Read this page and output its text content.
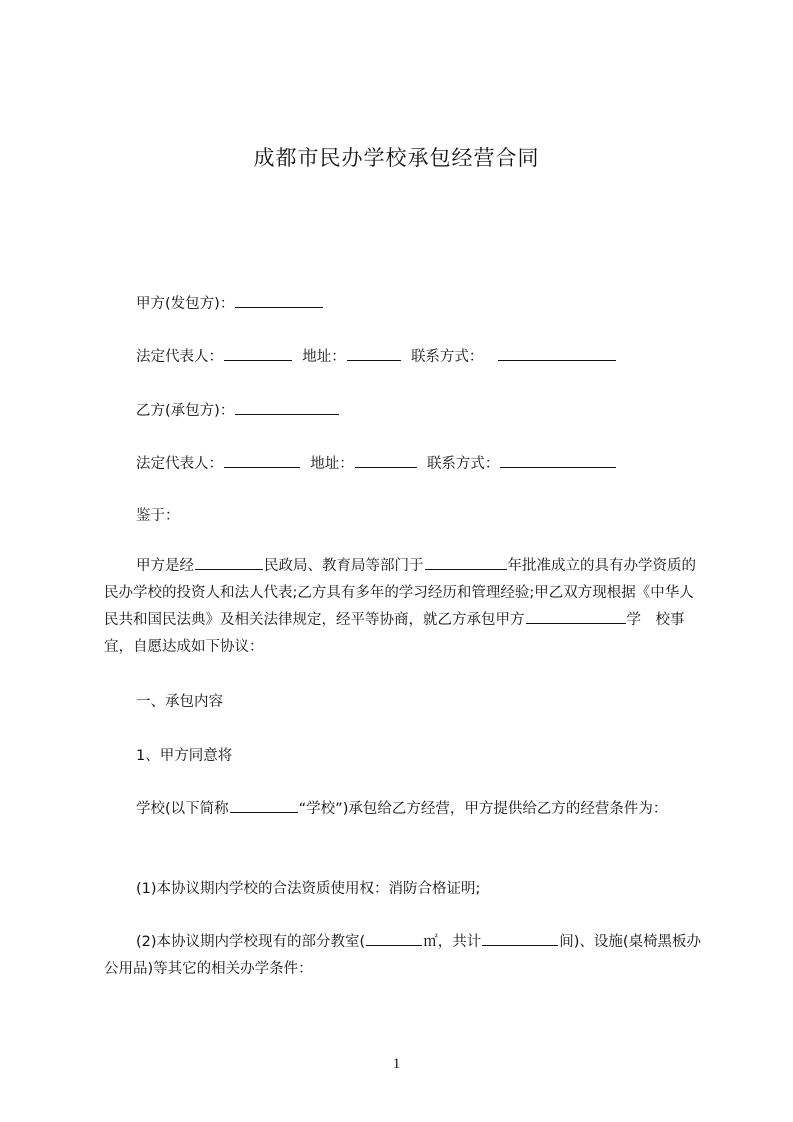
成都市民办学校承包经营合同
甲方(发包方)：
法定代表人：	地址：	联系方式：
乙方(承包方)：
法定代表人：	地址：	联系方式：
鉴于：
甲方是经	民政局、教育局等部门于	年批准成立的具有办学资质的民办学校的投资人和法人代表;乙方具有多年的学习经历和管理经验;甲乙双方现根据《中华人民共和国民法典》及相关法律规定，经平等协商，就乙方承包甲方	学　校事宜，自愿达成如下协议：
一、承包内容
1、甲方同意将
学校(以下简称	“学校”)承包给乙方经营，甲方提供给乙方的经营条件为：
(1)本协议期内学校的合法资质使用权：消防合格证明;
(2)本协议期内学校现有的部分教室(	㎡，共计	间)、设施(桌椅黑板办公用品)等其它的相关办学条件：
1
